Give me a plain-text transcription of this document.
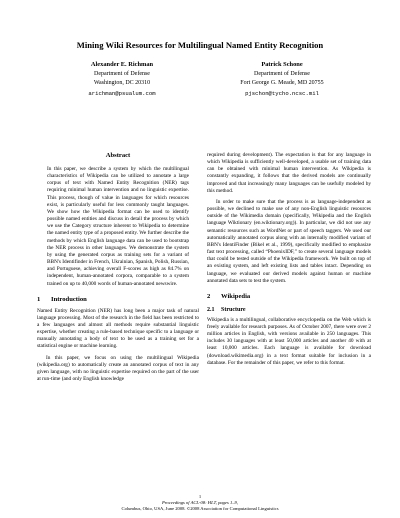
Mining Wiki Resources for Multilingual Named Entity Recognition
Alexander E. Richman
Department of Defense
Washington, DC 20310
arichman@psualum.com
Patrick Schone
Department of Defense
Fort George G. Meade, MD 20755
pjschon@tycho.ncsc.mil
Abstract
In this paper, we describe a system by which the multilingual characteristics of Wikipedia can be utilized to annotate a large corpus of text with Named Entity Recognition (NER) tags requiring minimal human intervention and no linguistic expertise. This process, though of value in languages for which resources exist, is particularly useful for less commonly taught languages. We show how the Wikipedia format can be used to identify possible named entities and discuss in detail the process by which we use the Category structure inherent to Wikipedia to determine the named entity type of a proposed entity. We further describe the methods by which English language data can be used to bootstrap the NER process in other languages. We demonstrate the system by using the generated corpus as training sets for a variant of BBN's Identifinder in French, Ukrainian, Spanish, Polish, Russian, and Portuguese, achieving overall F-scores as high as 84.7% on independent, human-annotated corpora, comparable to a system trained on up to 40,000 words of human-annotated newswire.
1 Introduction
Named Entity Recognition (NER) has long been a major task of natural language processing. Most of the research in the field has been restricted to a few languages and almost all methods require substantial linguistic expertise, whether creating a rule-based technique specific to a language or manually annotating a body of text to be used as a training set for a statistical engine or machine learning.
In this paper, we focus on using the multilingual Wikipedia (wikipedia.org) to automatically create an annotated corpus of text in any given language, with no linguistic expertise required on the part of the user at run-time (and only English knowledge
required during development). The expectation is that for any language in which Wikipedia is sufficiently well-developed, a usable set of training data can be obtained with minimal human intervention. As Wikipedia is constantly expanding, it follows that the derived models are continually improved and that increasingly many languages can be usefully modeled by this method.
In order to make sure that the process is as language-independent as possible, we declined to make use of any non-English linguistic resources outside of the Wikimedia domain (specifically, Wikipedia and the English language Wiktionary (en.wiktionary.org)). In particular, we did not use any semantic resources such as WordNet or part of speech taggers. We used our automatically annotated corpus along with an internally modified variant of BBN's IdentiFinder (Bikel et al., 1999), specifically modified to emphasize fast text processing, called “PhoenixIDF,” to create several language models that could be tested outside of the Wikipedia framework. We built on top of an existing system, and left existing lists and tables intact. Depending on language, we evaluated our derived models against human or machine annotated data sets to test the system.
2 Wikipedia
2.1 Structure
Wikipedia is a multilingual, collaborative encyclopedia on the Web which is freely available for research purposes. As of October 2007, there were over 2 million articles in English, with versions available in 250 languages. This includes 30 languages with at least 50,000 articles and another 40 with at least 10,000 articles. Each language is available for download (download.wikimedia.org) in a text format suitable for inclusion in a database. For the remainder of this paper, we refer to this format.
1
Proceedings of ACL-08: HLT, pages 1–9,
Columbus, Ohio, USA, June 2008. ©2008 Association for Computational Linguistics
